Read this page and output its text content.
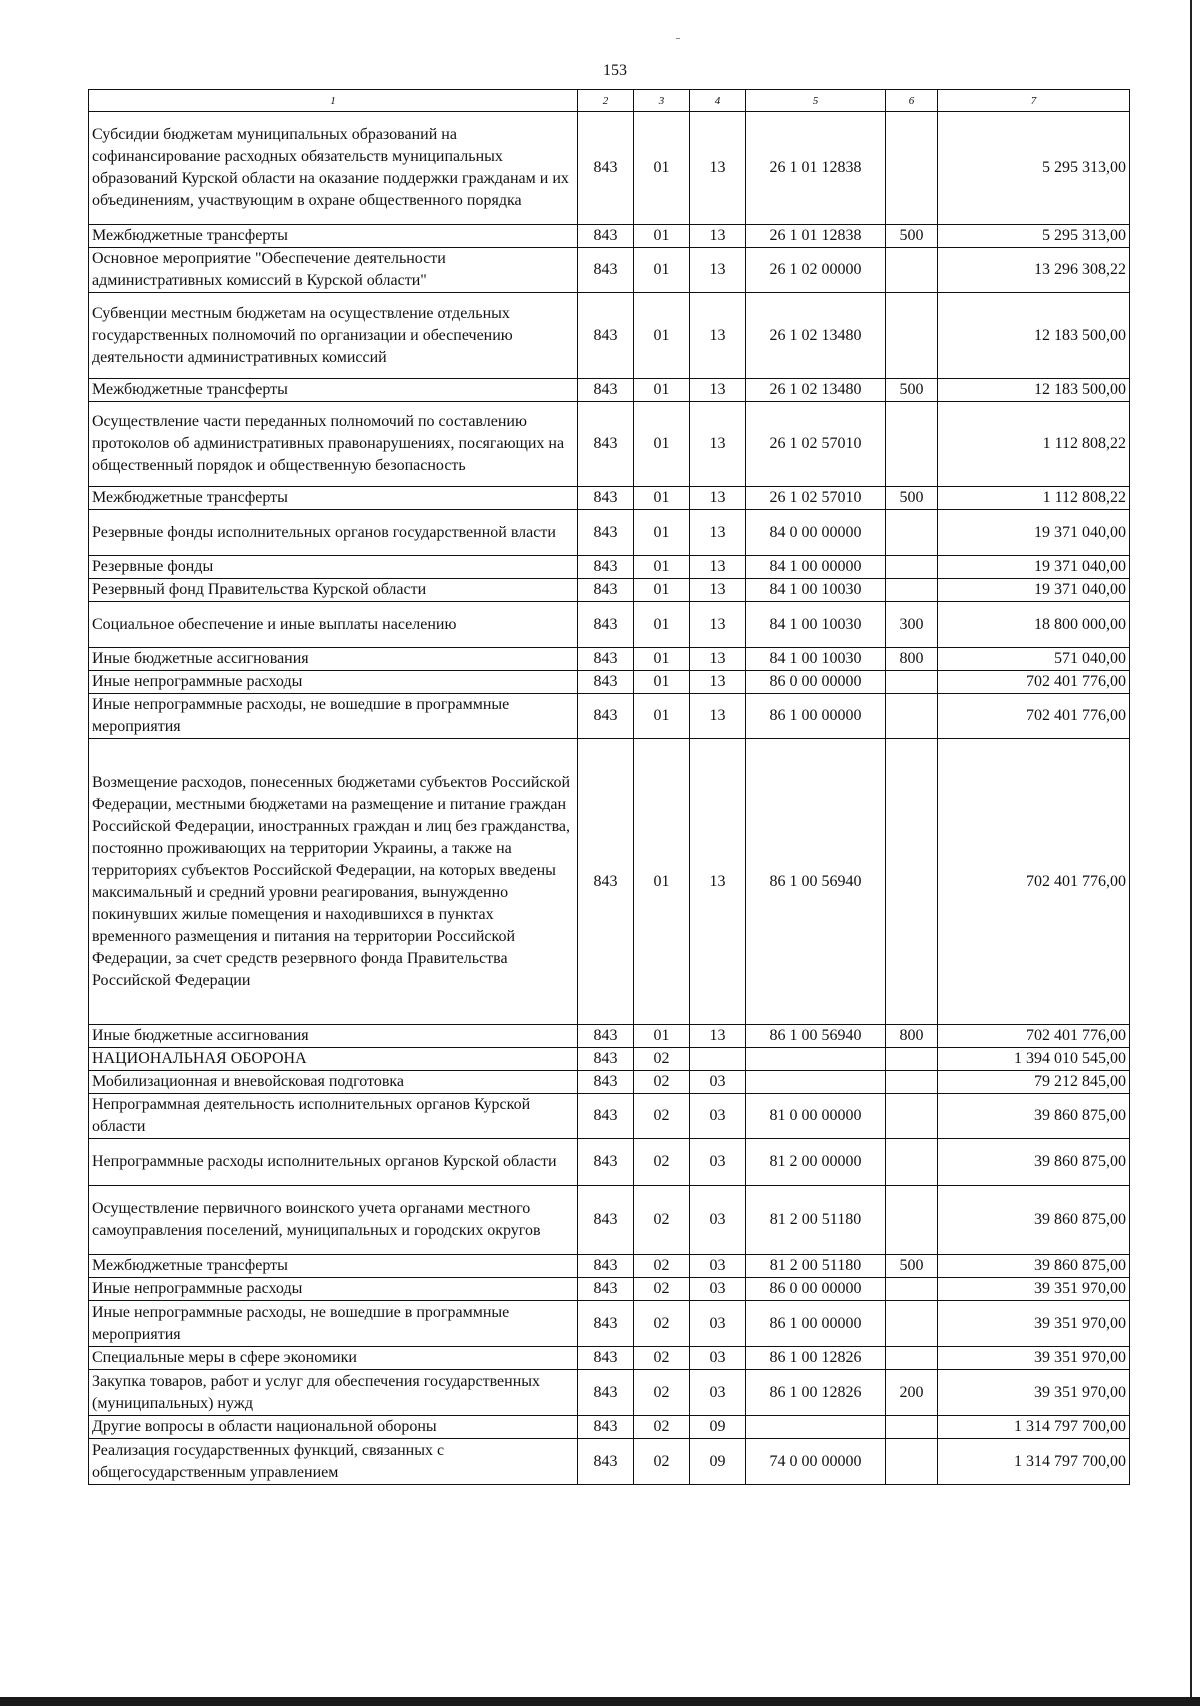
153
1	2	3	4	5	6	7
Субсидии бюджетам муниципальных образований на софинансирование расходных обязательств муниципальных образований Курской области на оказание поддержки гражданам и их объединениям, участвующим в охране общественного порядка	843	01	13	26 1 01 12838		5 295 313,00
Межбюджетные трансферты	843	01	13	26 1 01 12838	500	5 295 313,00
Основное мероприятие "Обеспечение деятельности административных комиссий в Курской области"	843	01	13	26 1 02 00000		13 296 308,22
Субвенции местным бюджетам на осуществление отдельных государственных полномочий по организации и обеспечению деятельности административных комиссий	843	01	13	26 1 02 13480		12 183 500,00
Межбюджетные трансферты	843	01	13	26 1 02 13480	500	12 183 500,00
Осуществление части переданных полномочий по составлению протоколов об административных правонарушениях, посягающих на общественный порядок и общественную безопасность	843	01	13	26 1 02 57010		1 112 808,22
Межбюджетные трансферты	843	01	13	26 1 02 57010	500	1 112 808,22
Резервные фонды исполнительных органов государственной власти	843	01	13	84 0 00 00000		19 371 040,00
Резервные фонды	843	01	13	84 1 00 00000		19 371 040,00
Резервный фонд Правительства Курской области	843	01	13	84 1 00 10030		19 371 040,00
Социальное обеспечение и иные выплаты населению	843	01	13	84 1 00 10030	300	18 800 000,00
Иные бюджетные ассигнования	843	01	13	84 1 00 10030	800	571 040,00
Иные непрограммные расходы	843	01	13	86 0 00 00000		702 401 776,00
Иные непрограммные расходы, не вошедшие в программные мероприятия	843	01	13	86 1 00 00000		702 401 776,00
Возмещение расходов, понесенных бюджетами субъектов Российской Федерации, местными бюджетами на размещение и питание граждан Российской Федерации, иностранных граждан и лиц без гражданства, постоянно проживающих на территории Украины, а также на территориях субъектов Российской Федерации, на которых введены максимальный и средний уровни реагирования, вынужденно покинувших жилые помещения и находившихся в пунктах временного размещения и питания на территории Российской Федерации, за счет средств резервного фонда Правительства Российской Федерации	843	01	13	86 1 00 56940		702 401 776,00
Иные бюджетные ассигнования	843	01	13	86 1 00 56940	800	702 401 776,00
НАЦИОНАЛЬНАЯ ОБОРОНА	843	02				1 394 010 545,00
Мобилизационная и вневойсковая подготовка	843	02	03			79 212 845,00
Непрограммная деятельность исполнительных органов Курской области	843	02	03	81 0 00 00000		39 860 875,00
Непрограммные расходы исполнительных органов Курской области	843	02	03	81 2 00 00000		39 860 875,00
Осуществление первичного воинского учета органами местного самоуправления поселений, муниципальных и городских округов	843	02	03	81 2 00 51180		39 860 875,00
Межбюджетные трансферты	843	02	03	81 2 00 51180	500	39 860 875,00
Иные непрограммные расходы	843	02	03	86 0 00 00000		39 351 970,00
Иные непрограммные расходы, не вошедшие в программные мероприятия	843	02	03	86 1 00 00000		39 351 970,00
Специальные меры в сфере экономики	843	02	03	86 1 00 12826		39 351 970,00
Закупка товаров, работ и услуг для обеспечения государственных (муниципальных) нужд	843	02	03	86 1 00 12826	200	39 351 970,00
Другие вопросы в области национальной обороны	843	02	09			1 314 797 700,00
Реализация государственных функций, связанных с общегосударственным управлением	843	02	09	74 0 00 00000		1 314 797 700,00
